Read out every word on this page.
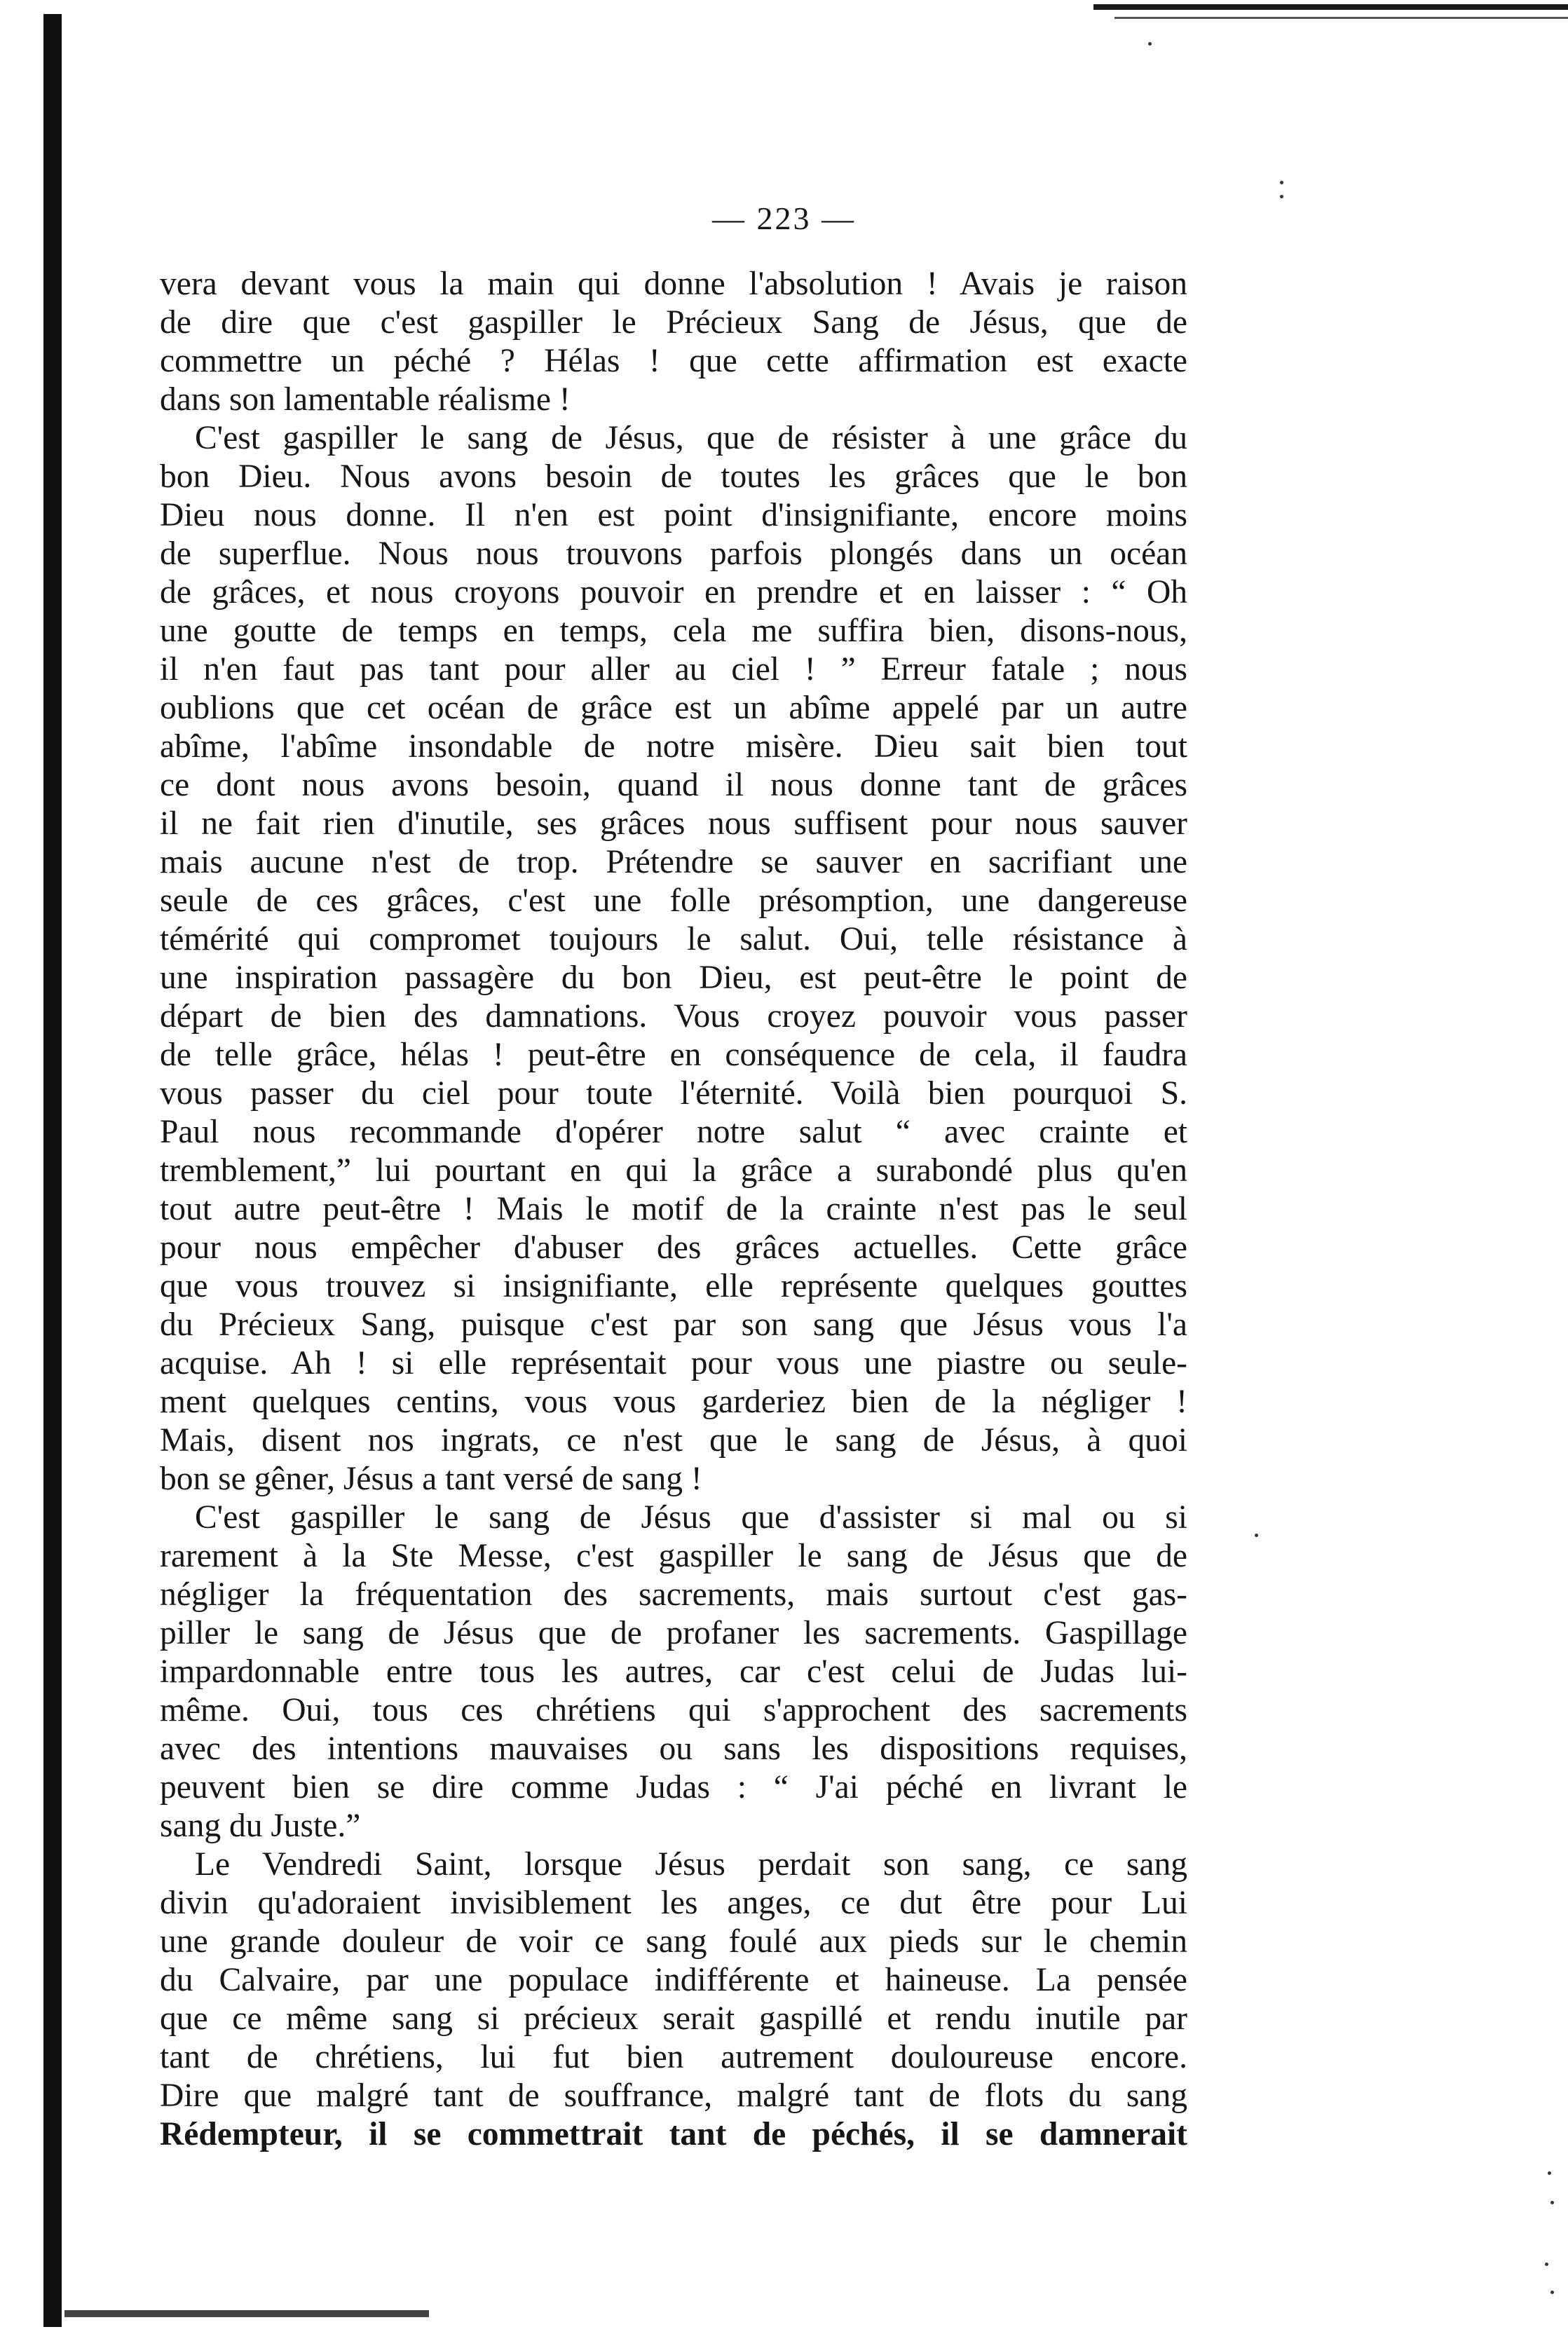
— 223 —
vera devant vous la main qui donne l'absolution ! Avais je raison
de dire que c'est gaspiller le Précieux Sang de Jésus, que de
commettre un péché ? Hélas ! que cette affirmation est exacte
dans son lamentable réalisme !
C'est gaspiller le sang de Jésus, que de résister à une grâce du
bon Dieu. Nous avons besoin de toutes les grâces que le bon
Dieu nous donne. Il n'en est point d'insignifiante, encore moins
de superflue. Nous nous trouvons parfois plongés dans un océan
de grâces, et nous croyons pouvoir en prendre et en laisser : “ Oh
une goutte de temps en temps, cela me suffira bien, disons-nous,
il n'en faut pas tant pour aller au ciel ! ” Erreur fatale ; nous
oublions que cet océan de grâce est un abîme appelé par un autre
abîme, l'abîme insondable de notre misère. Dieu sait bien tout
ce dont nous avons besoin, quand il nous donne tant de grâces
il ne fait rien d'inutile, ses grâces nous suffisent pour nous sauver
mais aucune n'est de trop. Prétendre se sauver en sacrifiant une
seule de ces grâces, c'est une folle présomption, une dangereuse
témérité qui compromet toujours le salut. Oui, telle résistance à
une inspiration passagère du bon Dieu, est peut-être le point de
départ de bien des damnations. Vous croyez pouvoir vous passer
de telle grâce, hélas ! peut-être en conséquence de cela, il faudra
vous passer du ciel pour toute l'éternité. Voilà bien pourquoi S.
Paul nous recommande d'opérer notre salut “ avec crainte et
tremblement,” lui pourtant en qui la grâce a surabondé plus qu'en
tout autre peut-être ! Mais le motif de la crainte n'est pas le seul
pour nous empêcher d'abuser des grâces actuelles. Cette grâce
que vous trouvez si insignifiante, elle représente quelques gouttes
du Précieux Sang, puisque c'est par son sang que Jésus vous l'a
acquise. Ah ! si elle représentait pour vous une piastre ou seule-
ment quelques centins, vous vous garderiez bien de la négliger !
Mais, disent nos ingrats, ce n'est que le sang de Jésus, à quoi
bon se gêner, Jésus a tant versé de sang !
C'est gaspiller le sang de Jésus que d'assister si mal ou si
rarement à la Ste Messe, c'est gaspiller le sang de Jésus que de
négliger la fréquentation des sacrements, mais surtout c'est gas-
piller le sang de Jésus que de profaner les sacrements. Gaspillage
impardonnable entre tous les autres, car c'est celui de Judas lui-
même. Oui, tous ces chrétiens qui s'approchent des sacrements
avec des intentions mauvaises ou sans les dispositions requises,
peuvent bien se dire comme Judas : “ J'ai péché en livrant le
sang du Juste.”
Le Vendredi Saint, lorsque Jésus perdait son sang, ce sang
divin qu'adoraient invisiblement les anges, ce dut être pour Lui
une grande douleur de voir ce sang foulé aux pieds sur le chemin
du Calvaire, par une populace indifférente et haineuse. La pensée
que ce même sang si précieux serait gaspillé et rendu inutile par
tant de chrétiens, lui fut bien autrement douloureuse encore.
Dire que malgré tant de souffrance, malgré tant de flots du sang
Rédempteur, il se commettrait tant de péchés, il se damnerait
